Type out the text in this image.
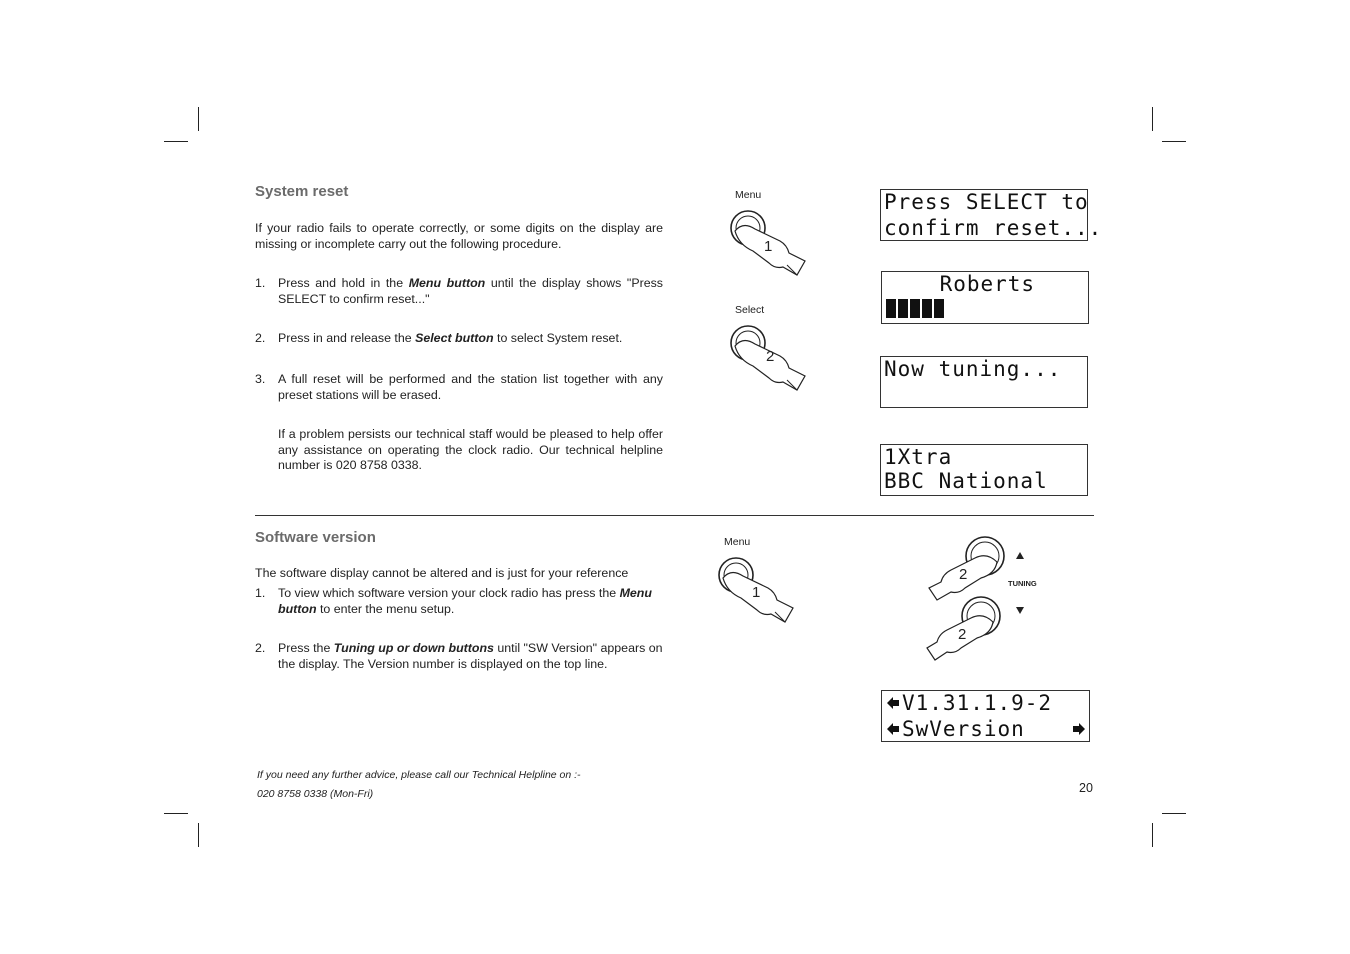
System reset
If your radio fails to operate correctly, or some digits on the display are missing or incomplete carry out the following procedure.
1. Press and hold in the Menu button until the display shows "Press SELECT to confirm reset..."
2. Press in and release the Select button to select System reset.
3. A full reset will be performed and the station list together with any preset stations will be erased.
If a problem persists our technical staff would be pleased to help offer any assistance on operating the clock radio. Our technical helpline number is 020 8758 0338.
Menu
1
Select
2
Press SELECT to
confirm reset...
Roberts
Now tuning...
1Xtra
BBC National
Software version
The software display cannot be altered and is just for your reference
1. To view which software version your clock radio has press the Menu button to enter the menu setup.
2. Press the Tuning up or down buttons until "SW Version" appears on the display. The Version number is displayed on the top line.
Menu
1
TUNING
2
2
V1.31.1.9-2
SwVersion
If you need any further advice, please call our Technical Helpline on :-
020 8758 0338 (Mon-Fri)	20
